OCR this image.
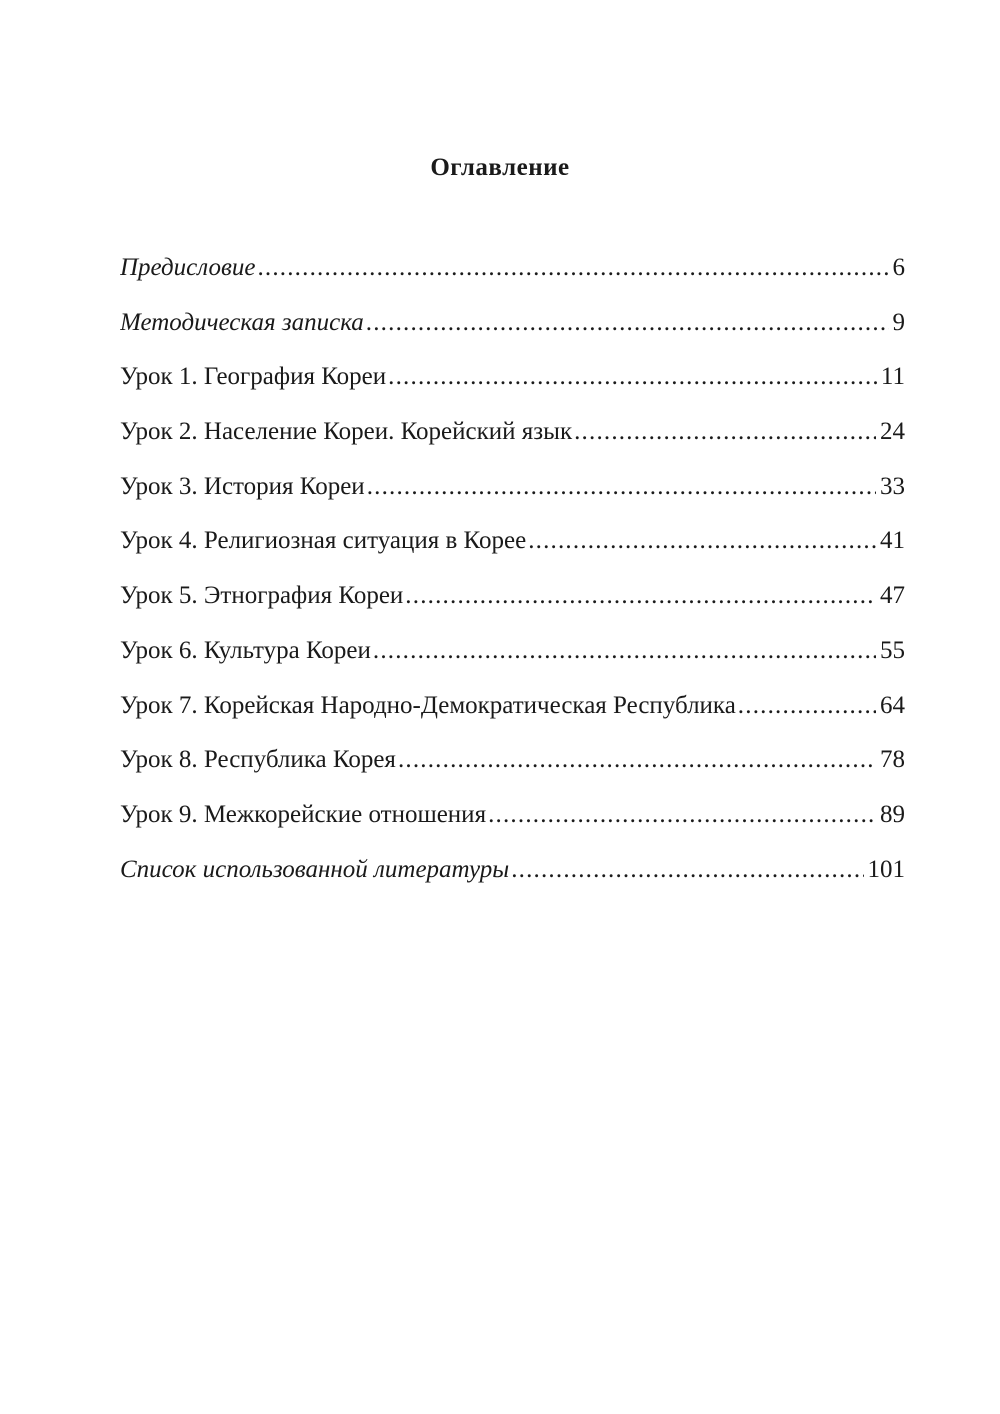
Оглавление
Предисловие .....	6
Методическая записка .....	9
Урок 1. География Кореи .....	11
Урок 2. Население Кореи. Корейский язык .....	24
Урок 3. История Кореи .....	33
Урок 4. Религиозная ситуация в Корее .....	41
Урок 5. Этнография Кореи .....	47
Урок 6. Культура Кореи .....	55
Урок 7. Корейская Народно-Демократическая Республика .....	64
Урок 8. Республика Корея .....	78
Урок 9. Межкорейские отношения .....	89
Список использованной литературы .....	101
